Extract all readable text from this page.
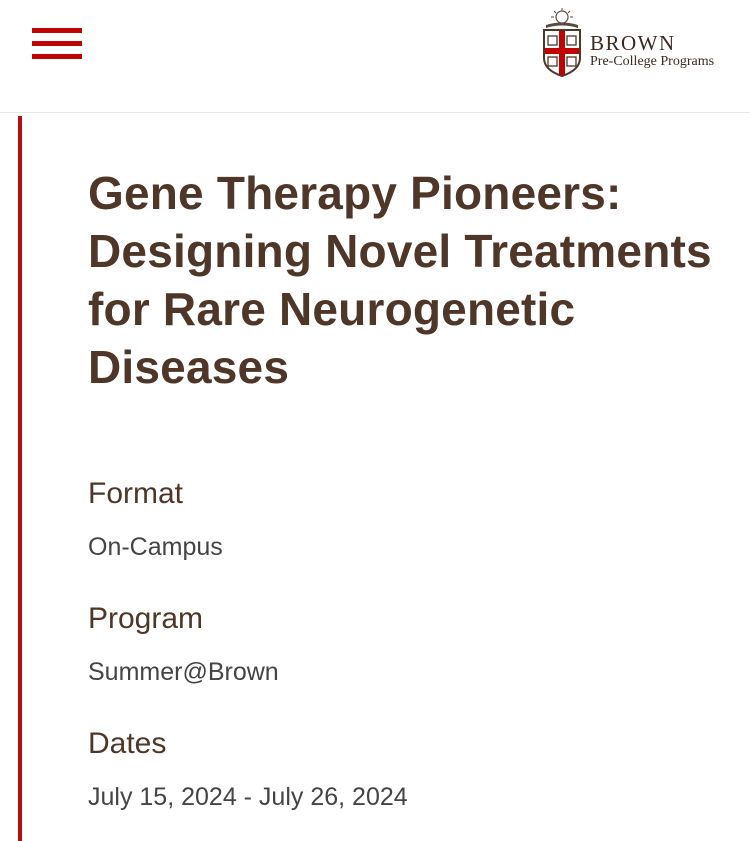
BROWN
Pre-College Programs
Gene Therapy Pioneers: Designing Novel Treatments for Rare Neurogenetic Diseases
Format
On-Campus
Program
Summer@Brown
Dates
July 15, 2024 - July 26, 2024
